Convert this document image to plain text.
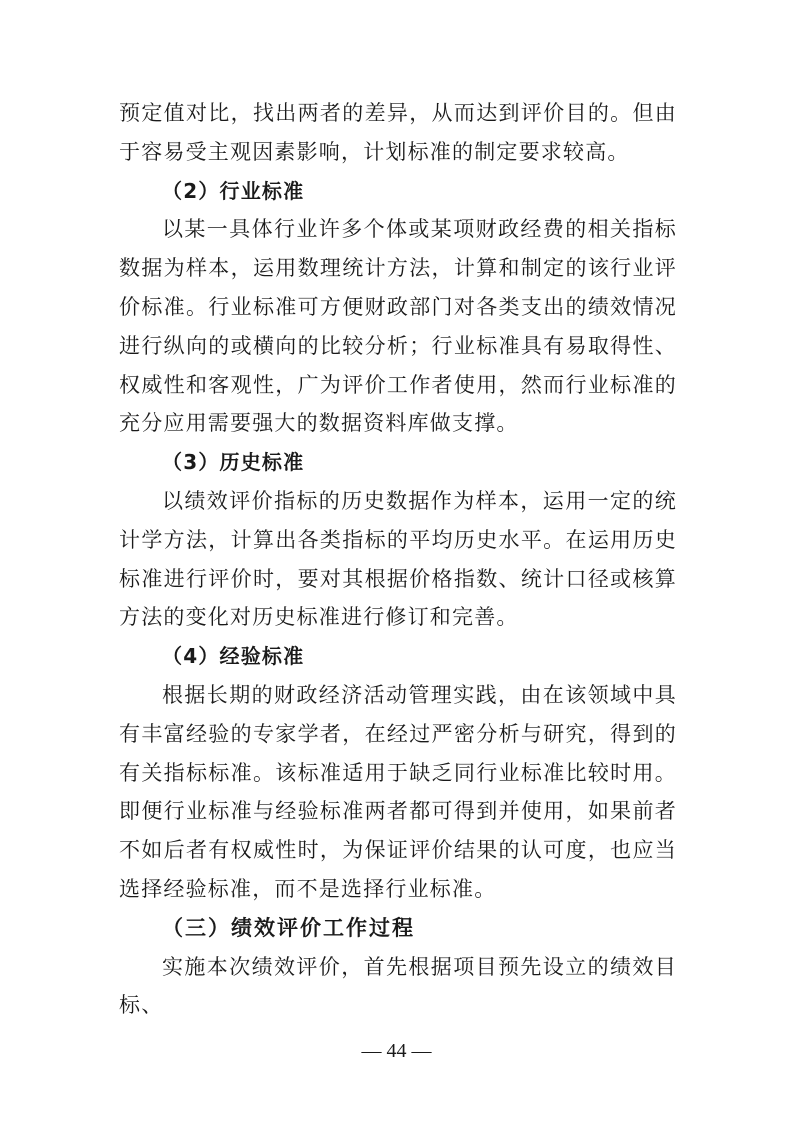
预定值对比，找出两者的差异，从而达到评价目的。但由于容易受主观因素影响，计划标准的制定要求较高。

（2）行业标准

以某一具体行业许多个体或某项财政经费的相关指标数据为样本，运用数理统计方法，计算和制定的该行业评价标准。行业标准可方便财政部门对各类支出的绩效情况进行纵向的或横向的比较分析；行业标准具有易取得性、权威性和客观性，广为评价工作者使用，然而行业标准的充分应用需要强大的数据资料库做支撑。

（3）历史标准

以绩效评价指标的历史数据作为样本，运用一定的统计学方法，计算出各类指标的平均历史水平。在运用历史标准进行评价时，要对其根据价格指数、统计口径或核算方法的变化对历史标准进行修订和完善。

（4）经验标准

根据长期的财政经济活动管理实践，由在该领域中具有丰富经验的专家学者，在经过严密分析与研究，得到的有关指标标准。该标准适用于缺乏同行业标准比较时用。即便行业标准与经验标准两者都可得到并使用，如果前者不如后者有权威性时，为保证评价结果的认可度，也应当选择经验标准，而不是选择行业标准。

（三）绩效评价工作过程

实施本次绩效评价，首先根据项目预先设立的绩效目标、

— 44 —
